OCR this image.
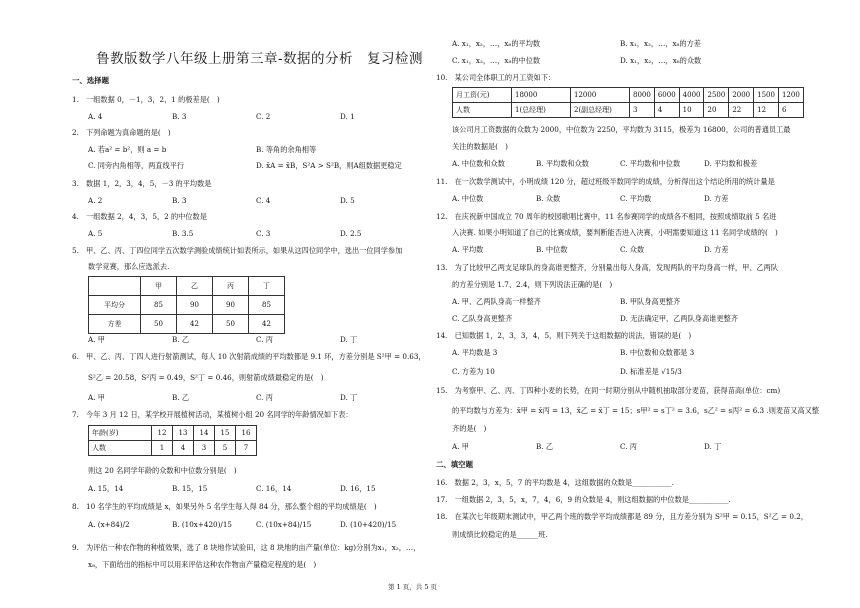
鲁教版数学八年级上册第三章-数据的分析　复习检测
一、选择题
1.　一组数据 0，－1，3，2，1 的极差是(　)
A. 4	B. 3	C. 2	D. 1
2.　下列命题为真命题的是(　)
A. 若a² = b²，则 a = b	B. 等角的余角相等
C. 同旁内角相等，两直线平行	D. x̄A = x̄B，S²A > S²B，则A组数据更稳定
3.　数据 1，2，3，4，5，－3 的平均数是
A. 2	B. 3	C. 4	D. 5
4.　一组数据 2，4，3，5，2 的中位数是
A. 5	B. 3.5	C. 3	D. 2.5
5.　甲、乙、丙、丁四位同学五次数学测验成绩统计如表所示，如果从这四位同学中，选出一位同学参加
数学竞赛，那么应选派去.
	甲	乙	丙	丁
平均分	85	90	90	85
方差	50	42	50	42
A. 甲	B. 乙	C. 丙	D. 丁
6.　甲、乙、丙、丁四人进行射箭测试，每人 10 次射箭成绩的平均数都是 9.1 环，方差分别是 S²甲 = 0.63，
S²乙 = 20.58，S²丙 = 0.49，S²丁 = 0.46，则射箭成绩最稳定的是(　)
A. 甲	B. 乙	C. 丙	D. 丁
7.　今年 3 月 12 日，某学校开展植树活动，某植树小组 20 名同学的年龄情况如下表：
年龄(岁)	12	13	14	15	16
人数	1	4	3	5	7
则这 20 名同学年龄的众数和中位数分别是(　)
A. 15，14	B. 15，15	C. 16，14	D. 16，15
8.　10 名学生的平均成绩是 x，如果另外 5 名学生每人得 84 分，那么整个组的平均成绩是(　)
A. (x+84)/2	B. (10x+420)/15	C. (10x+84)/15	D. (10+420)/15
9.　为评估一种农作物的种植效果，选了 8 块地作试验田，这 8 块地的亩产量(单位：kg)分别为x₁，x₂，…，
x₈，下面给出的指标中可以用来评估这种农作物亩产量稳定程度的是(　)
A. x₁，x₂，…，x₈的平均数	B. x₁，x₂，…，x₈的方差
C. x₁，x₂，…，x₈的中位数	D. x₁，x₂，…，x₈的众数
10.　某公司全体职工的月工资如下：
月工资(元)	18000	12000	8000	6000	4000	2500	2000	1500	1200
人数	1(总经理)	2(副总经理)	3	4	10	20	22	12	6
该公司月工资数据的众数为 2000，中位数为 2250，平均数为 3115，极差为 16800，公司的普通员工最
关注的数据是(　)
A. 中位数和众数	B. 平均数和众数	C. 平均数和中位数	D. 平均数和极差
11.　在一次数学测试中，小明成绩 120 分，超过班级半数同学的成绩，分析得出这个结论所用的统计量是
A. 中位数	B. 众数	C. 平均数	D. 方差
12.　在庆祝新中国成立 70 周年的校园歌唱比赛中，11 名参赛同学的成绩各不相同，按照成绩取前 5 名进
入决赛. 如果小明知道了自己的比赛成绩，要判断能否进入决赛，小明需要知道这 11 名同学成绩的(　)
A. 平均数	B. 中位数	C. 众数	D. 方差
13.　为了比较甲乙两支足球队的身高谁更整齐，分别量出每人身高，发现两队的平均身高一样，甲、乙两队
的方差分别是 1.7、2.4，则下列说法正确的是(　)
A. 甲、乙两队身高一样整齐	B. 甲队身高更整齐
C. 乙队身高更整齐	D. 无法确定甲、乙两队身高谁更整齐
14.　已知数据 1，2，3，3，4，5，则下列关于这组数据的说法，错误的是(　)
A. 平均数是 3	B. 中位数和众数都是 3
C. 方差为 10	D. 标准差是 √15/3
15.　为考察甲、乙、丙、丁四种小麦的长势，在同一时期分别从中随机抽取部分麦苗，获得苗高(单位：cm)
的平均数与方差为：x̄甲 = x̄丙 = 13，x̄乙 = x̄丁 = 15；s甲² = s丁² = 3.6，s乙² = s丙² = 6.3 .则麦苗又高又整
齐的是(　)
A. 甲	B. 乙	C. 丙	D. 丁
二、填空题
16.　数据 2，3，x，5，7 的平均数是 4，这组数据的众数是___________.
17.　一组数据 2，3，5，x，7，4，6，9 的众数是 4，则这组数据的中位数是___________.
18.　在某次七年级期末测试中，甲乙两个班的数学平均成绩都是 89 分，且方差分别为 S²甲 = 0.15，S²乙 = 0.2，
则成绩比较稳定的是______班.
第 1 页，共 5 页
